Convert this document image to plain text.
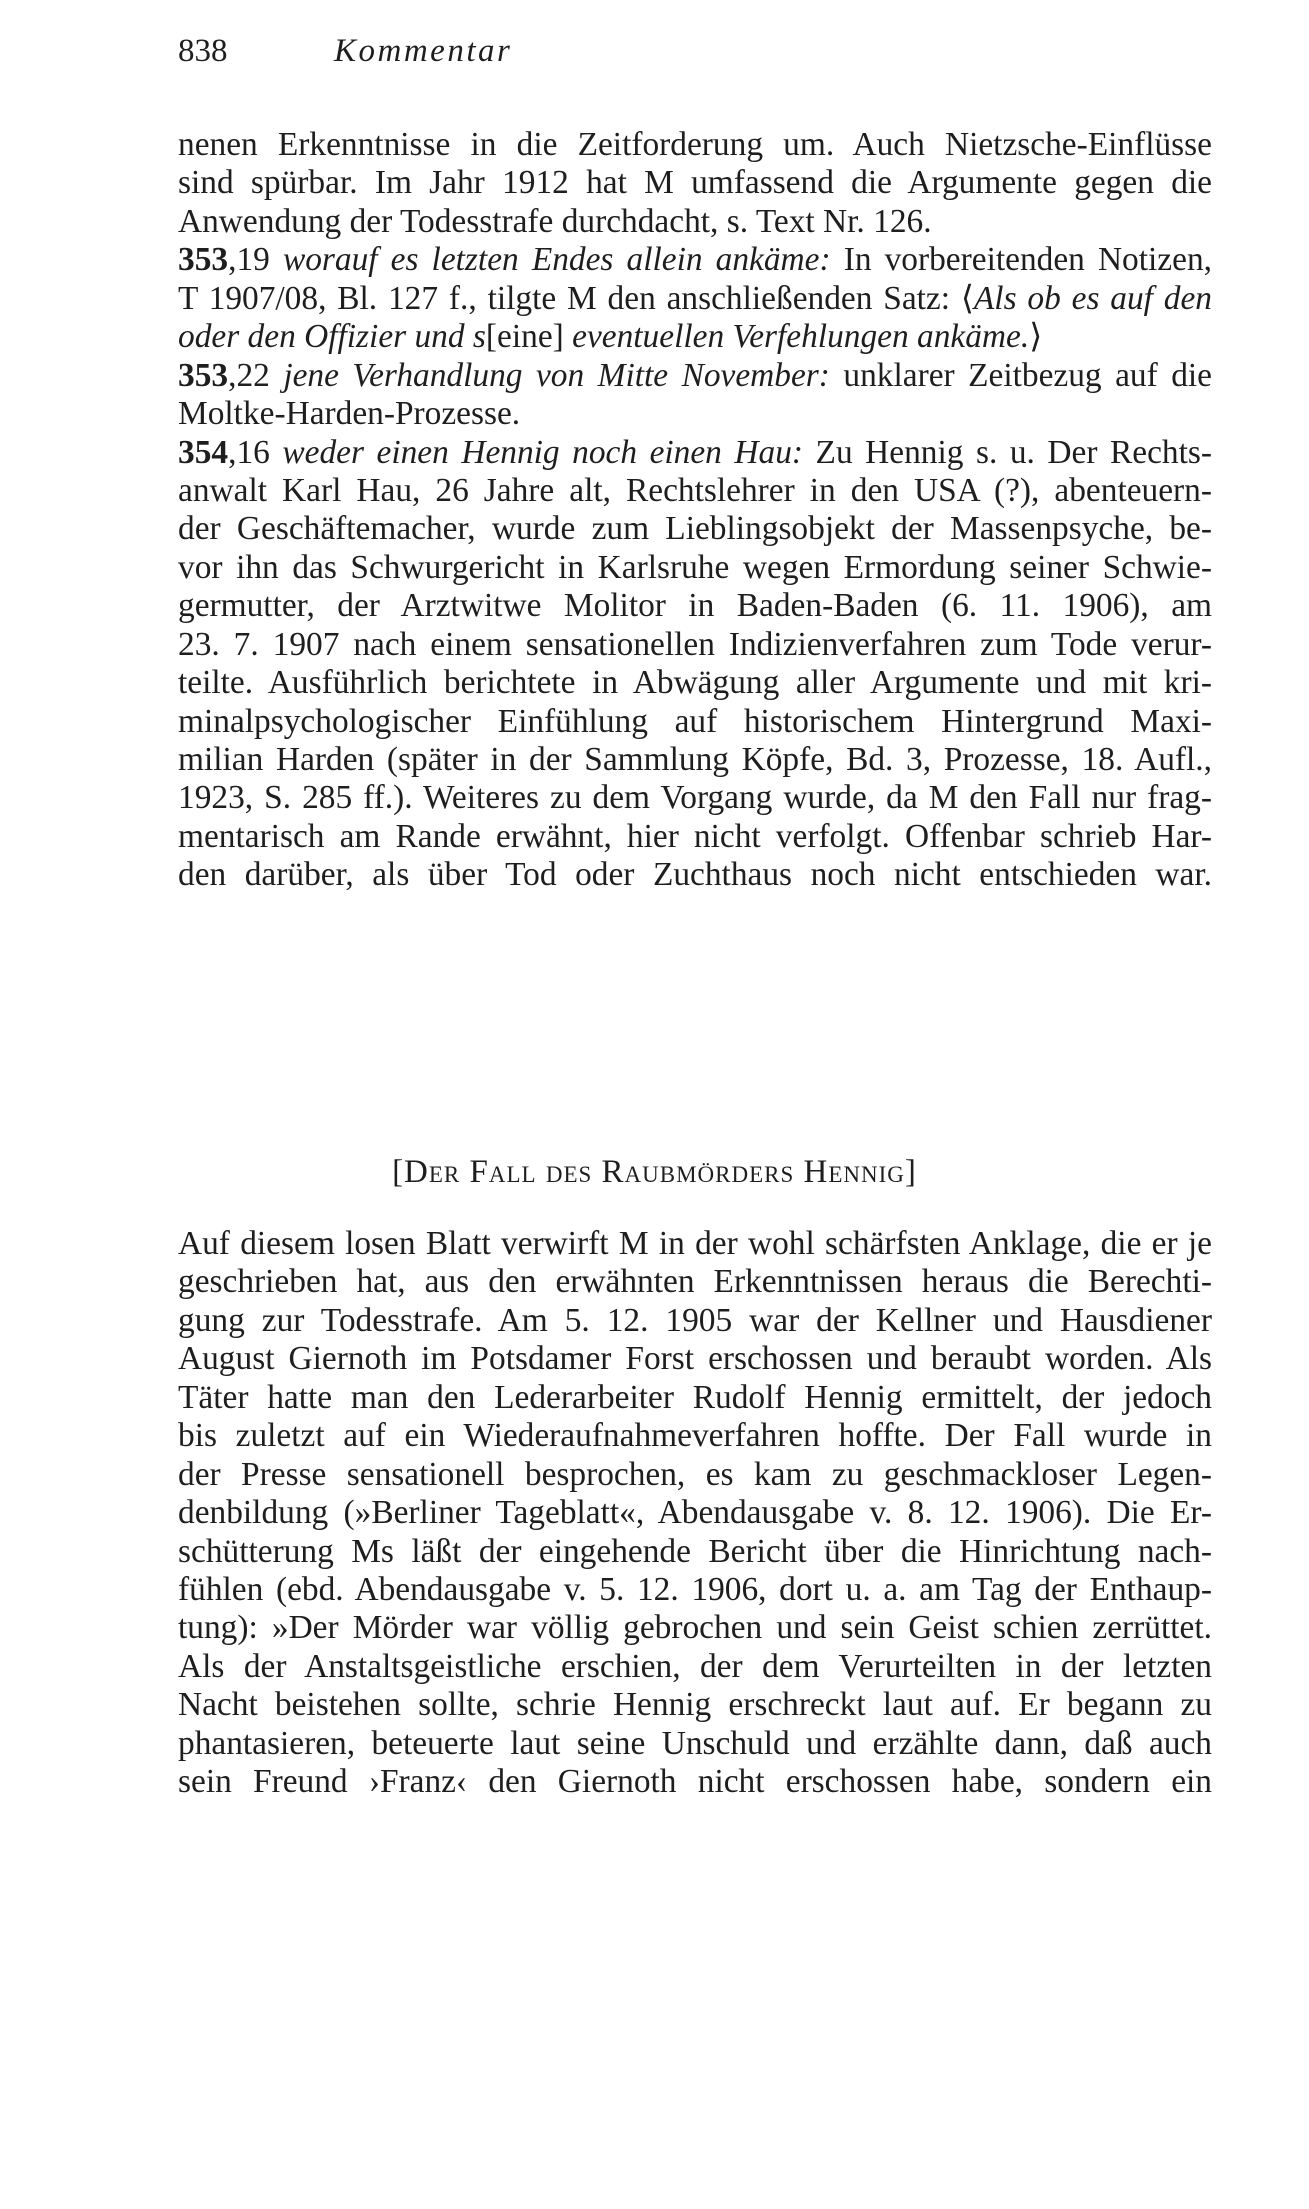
838	Kommentar
nenen Erkenntnisse in die Zeitforderung um. Auch Nietzsche-Einflüsse
sind spürbar. Im Jahr 1912 hat M umfassend die Argumente gegen die
Anwendung der Todesstrafe durchdacht, s. Text Nr. 126.
353,19 worauf es letzten Endes allein ankäme: In vorbereitenden Notizen,
T 1907/08, Bl. 127 f., tilgte M den anschließenden Satz: ⟨Als ob es auf den
oder den Offizier und s[eine] eventuellen Verfehlungen ankäme.⟩
353,22 jene Verhandlung von Mitte November: unklarer Zeitbezug auf die
Moltke-Harden-Prozesse.
354,16 weder einen Hennig noch einen Hau: Zu Hennig s. u. Der Rechts-
anwalt Karl Hau, 26 Jahre alt, Rechtslehrer in den USA (?), abenteuern-
der Geschäftemacher, wurde zum Lieblingsobjekt der Massenpsyche, be-
vor ihn das Schwurgericht in Karlsruhe wegen Ermordung seiner Schwie-
germutter, der Arztwitwe Molitor in Baden-Baden (6. 11. 1906), am
23. 7. 1907 nach einem sensationellen Indizienverfahren zum Tode verur-
teilte. Ausführlich berichtete in Abwägung aller Argumente und mit kri-
minalpsychologischer Einfühlung auf historischem Hintergrund Maxi-
milian Harden (später in der Sammlung Köpfe, Bd. 3, Prozesse, 18. Aufl.,
1923, S. 285 ff.). Weiteres zu dem Vorgang wurde, da M den Fall nur frag-
mentarisch am Rande erwähnt, hier nicht verfolgt. Offenbar schrieb Har-
den darüber, als über Tod oder Zuchthaus noch nicht entschieden war.
[Der Fall des Raubmörders Hennig]
Auf diesem losen Blatt verwirft M in der wohl schärfsten Anklage, die er je
geschrieben hat, aus den erwähnten Erkenntnissen heraus die Berechti-
gung zur Todesstrafe. Am 5. 12. 1905 war der Kellner und Hausdiener
August Giernoth im Potsdamer Forst erschossen und beraubt worden. Als
Täter hatte man den Lederarbeiter Rudolf Hennig ermittelt, der jedoch
bis zuletzt auf ein Wiederaufnahmeverfahren hoffte. Der Fall wurde in
der Presse sensationell besprochen, es kam zu geschmackloser Legen-
denbildung (»Berliner Tageblatt«, Abendausgabe v. 8. 12. 1906). Die Er-
schütterung Ms läßt der eingehende Bericht über die Hinrichtung nach-
fühlen (ebd. Abendausgabe v. 5. 12. 1906, dort u. a. am Tag der Enthaup-
tung): »Der Mörder war völlig gebrochen und sein Geist schien zerrüttet.
Als der Anstaltsgeistliche erschien, der dem Verurteilten in der letzten
Nacht beistehen sollte, schrie Hennig erschreckt laut auf. Er begann zu
phantasieren, beteuerte laut seine Unschuld und erzählte dann, daß auch
sein Freund ›Franz‹ den Giernoth nicht erschossen habe, sondern ein
